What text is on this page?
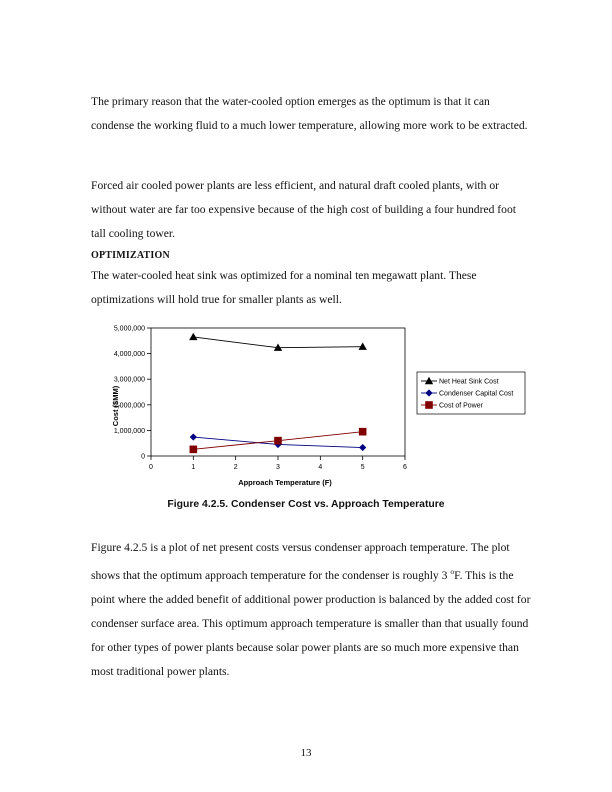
The primary reason that the water-cooled option emerges as the optimum is that it can condense the working fluid to a much lower temperature, allowing more work to be extracted.

Forced air cooled power plants are less efficient, and natural draft cooled plants, with or without water are far too expensive because of the high cost of building a four hundred foot tall cooling tower.

OPTIMIZATION

The water-cooled heat sink was optimized for a nominal ten megawatt plant. These optimizations will hold true for smaller plants as well.

0
1,000,000
2,000,000
3,000,000
4,000,000
5,000,000
0	1	2	3	4	5	6
Net Heat Sink Cost
Condenser Capital Cost
Cost of Power
Cost ($MM)
Approach Temperature (F)
Figure 4.2.5. Condenser Cost vs. Approach Temperature

Figure 4.2.5 is a plot of net present costs versus condenser approach temperature. The plot shows that the optimum approach temperature for the condenser is roughly 3 $^o$F. This is the point where the added benefit of additional power production is balanced by the added cost for condenser surface area. This optimum approach temperature is smaller than that usually found for other types of power plants because solar power plants are so much more expensive than most traditional power plants.

13
